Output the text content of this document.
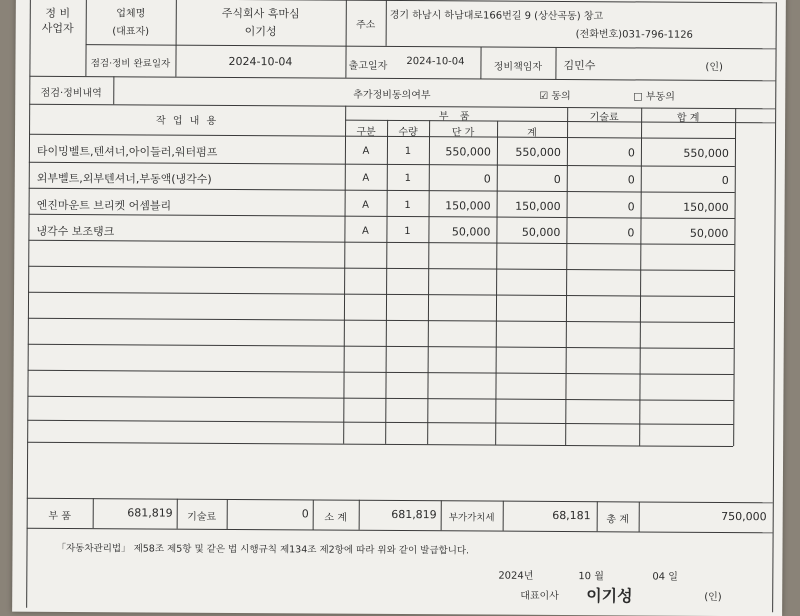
정 비
사업자
업체명
(대표자)
주식회사 흑마심
이기성	주소
경기 하남시 하남대로166번길 9 (상산곡동) 창고
(전화번호)031-796-1126
점검·정비 완료일자	2024-10-04	출고일자	2024-10-04	정비책임자	김민수	(인)
점검·정비내역	추가정비동의여부	☑ 동의	□ 부동의
작 업 내 용	부 품	기술료	합 계
구분	수량	단 가	계
타이밍벨트,텐셔너,아이들러,워터펌프	A	1	550,000	550,000	0	550,000
외부벨트,외부텐셔너,부동액(냉각수)	A	1	0	0	0	0
엔진마운트 브리켓 어셈블리	A	1	150,000	150,000	0	150,000
냉각수 보조탱크	A	1	50,000	50,000	0	50,000
부 품	681,819	기술료	0	소 계	681,819	부가가치세	68,181	총 계	750,000
「자동차관리법」 제58조 제5항 및 같은 법 시행규칙 제134조 제2항에 따라 위와 같이 발급합니다.
2024년	10 월	04 일
대표이사 이기성	(인)
